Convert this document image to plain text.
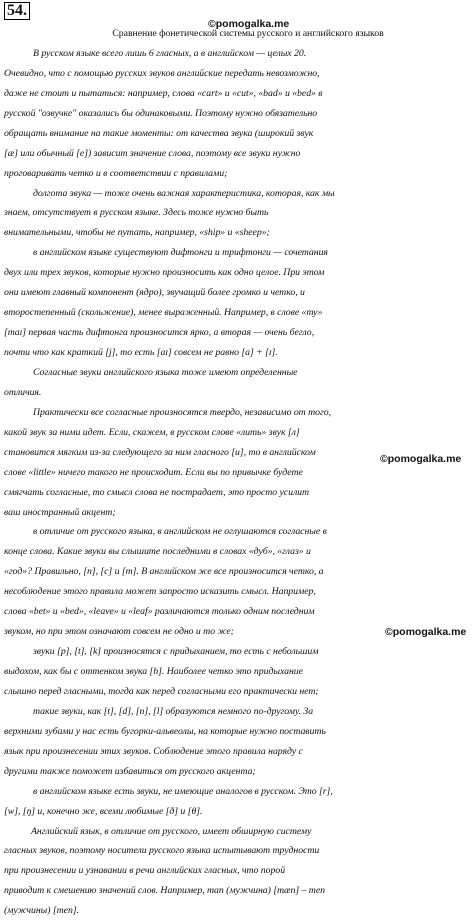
54.
©pomogalka.me
Сравнение фонетической системы русского и английского языков
В русском языке всего лишь 6 гласных, а в английском — целых 20.
Очевидно, что с помощью русских звуков английские передать невозможно,
даже не стоит и пытаться: например, слова «cart» и «cut», «bad» и «bed» в
русской "озвучке" оказались бы одинаковыми. Поэтому нужно обязательно
обращать внимание на такие моменты: от качества звука (широкий звук
[æ] или обычный [e]) зависит значение слова, поэтому все звуки нужно
проговаривать четко и в соответствии с правилами;
долгота звука — тоже очень важная характеристика, которая, как мы
знаем, отсутствует в русском языке. Здесь тоже нужно быть
внимательными, чтобы не путать, например, «ship» и «sheep»;
в английском языке существуют дифтонги и трифтонги — сочетания
двух или трех звуков, которые нужно произносить как одно целое. При этом
они имеют главный компонент (ядро), звучащий более громко и четко, и
второстепенный (скольжение), менее выраженный. Например, в слове «ту»
[maɪ] первая часть дифтонга произносится ярко, а вторая — очень бегло,
почти что как краткий [j], то есть [aɪ] совсем не равно [a] + [ɪ].
Согласные звуки английского языка тоже имеют определенные
отличия.
Практически все согласные произносятся твердо, независимо от того,
какой звук за ними идет. Если, скажем, в русском слове «лить» звук [л]
становится мягким из-за следующего за ним гласного [и], то в английском
слове «little» ничего такого не происходит. Если вы по привычке будете
смягчать согласные, то смысл слова не пострадает, это просто усилит
ваш иностранный акцент;
в отличие от русского языка, в английском не оглушаются согласные в
конце слова. Какие звуки вы слышите последними в словах «дуб», «глаз» и
«год»? Правильно, [п], [с] и [т]. В английском же все произносится четко, а
несоблюдение этого правила может запросто исказить смысл. Например,
слова «bet» и «bed», «leave» и «leaf» различаются только одним последним
звуком, но при этом означают совсем не одно и то же;
звуки [p], [t], [k] произносятся с придыханием, то есть с небольшим
выдохом, как бы с оттенком звука [h]. Наиболее четко это придыхание
слышно перед гласными, тогда как перед согласными его практически нет;
такие звуки, как [t], [d], [n], [l] образуются немного по-другому. За
верхними зубами у нас есть бугорки-альвеолы, на которые нужно поставить
язык при произнесении этих звуков. Соблюдение этого правила наряду с
другими также поможет избавиться от русского акцента;
в английском языке есть звуки, не имеющие аналогов в русском. Это [r],
[w], [ŋ] и, конечно же, всеми любимые [ð] и [θ].
Английский язык, в отличие от русского, имеет обширную систему
гласных звуков, поэтому носители русского языка испытывают трудности
при произнесении и узнавании в речи английских гласных, что порой
приводит к смешению значений слов. Например, man (мужчина) [mæn] – men
(мужчины) [men].
©pomogalka.me
©pomogalka.me
